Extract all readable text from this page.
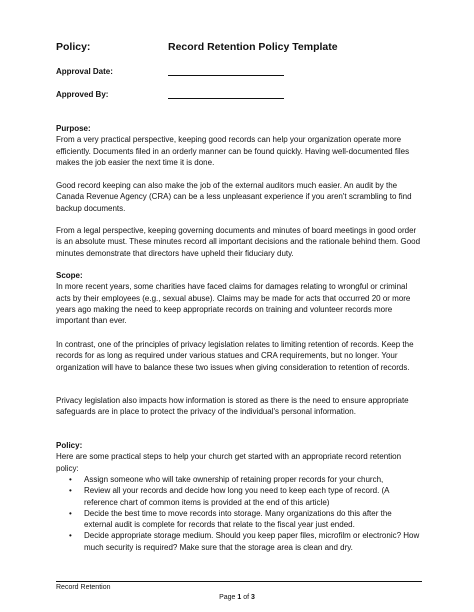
Policy:	Record Retention Policy Template
Approval Date:
Approved By:

Purpose:
From a very practical perspective, keeping good records can help your organization operate more efficiently. Documents filed in an orderly manner can be found quickly. Having well-documented files makes the job easier the next time it is done.

Good record keeping can also make the job of the external auditors much easier. An audit by the Canada Revenue Agency (CRA) can be a less unpleasant experience if you aren't scrambling to find backup documents.

From a legal perspective, keeping governing documents and minutes of board meetings in good order is an absolute must. These minutes record all important decisions and the rationale behind them. Good minutes demonstrate that directors have upheld their fiduciary duty.

Scope:
In more recent years, some charities have faced claims for damages relating to wrongful or criminal acts by their employees (e.g., sexual abuse). Claims may be made for acts that occurred 20 or more years ago making the need to keep appropriate records on training and volunteer records more important than ever.

In contrast, one of the principles of privacy legislation relates to limiting retention of records. Keep the records for as long as required under various statues and CRA requirements, but no longer. Your organization will have to balance these two issues when giving consideration to retention of records.

Privacy legislation also impacts how information is stored as there is the need to ensure appropriate safeguards are in place to protect the privacy of the individual's personal information.

Policy:
Here are some practical steps to help your church get started with an appropriate record retention policy:

• Assign someone who will take ownership of retaining proper records for your church,
• Review all your records and decide how long you need to keep each type of record. (A reference chart of common items is provided at the end of this article)
• Decide the best time to move records into storage. Many organizations do this after the external audit is complete for records that relate to the fiscal year just ended.
• Decide appropriate storage medium. Should you keep paper files, microfilm or electronic? How much security is required? Make sure that the storage area is clean and dry.
Record Retention
Page 1 of 3
